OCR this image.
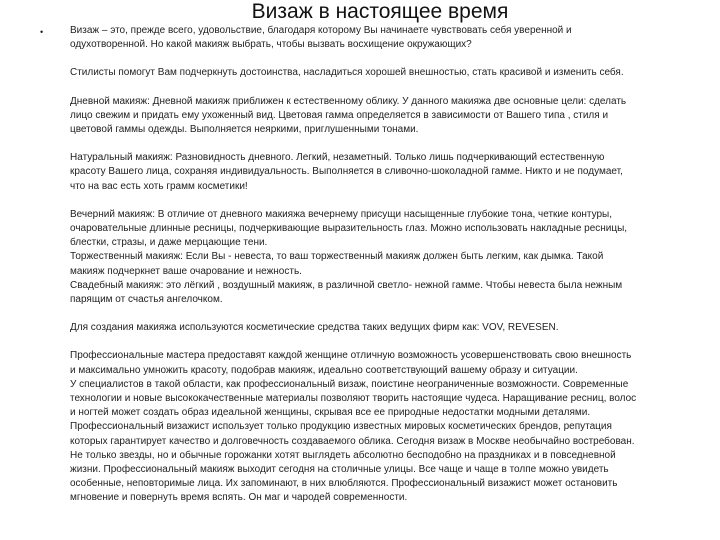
Визаж в настоящее время
•	Визаж – это, прежде всего, удовольствие, благодаря которому Вы начинаете чувствовать себя уверенной и

одухотворенной. Но какой макияж выбрать, чтобы вызвать восхищение окружающих?

Стилисты помогут Вам подчеркнуть достоинства, насладиться хорошей внешностью, стать красивой и изменить себя.

Дневной макияж: Дневной макияж приближен к естественному облику. У данного макияжа две основные цели: сделать

лицо свежим и придать ему ухоженный вид. Цветовая гамма определяется в зависимости от Вашего типа , стиля и

цветовой гаммы одежды. Выполняется неяркими, приглушенными тонами.

Натуральный макияж: Разновидность дневного. Легкий, незаметный. Только лишь подчеркивающий естественную

красоту Вашего лица, сохраняя индивидуальность. Выполняется в сливочно-шоколадной гамме. Никто и не подумает,

что на вас есть хоть грамм косметики!

Вечерний макияж: В отличие от дневного макияжа вечернему присущи насыщенные глубокие тона, четкие контуры,

очаровательные длинные ресницы, подчеркивающие выразительность глаз. Можно использовать накладные ресницы,

блестки, стразы, и даже мерцающие тени.

Торжественный макияж: Если Вы - невеста, то ваш торжественный макияж должен быть легким, как дымка. Такой

макияж подчеркнет ваше очарование и нежность.

Свадебный макияж: это лёгкий , воздушный макияж, в различной светло- нежной гамме. Чтобы невеста была нежным

парящим от счастья ангелочком.

Для создания макияжа используются косметические средства таких ведущих фирм как: VOV, REVESEN.

Профессиональные мастера предоставят каждой женщине отличную возможность усовершенствовать свою внешность

и максимально умножить красоту, подобрав макияж, идеально соответствующий вашему образу и ситуации.

У специалистов в такой области, как профессиональный визаж, поистине неограниченные возможности. Современные

технологии и новые высококачественные материалы позволяют творить настоящие чудеса. Наращивание ресниц, волос

и ногтей может создать образ идеальной женщины, скрывая все ее природные недостатки модными деталями.

Профессиональный визажист использует только продукцию известных мировых косметических брендов, репутация

которых гарантирует качество и долговечность создаваемого облика. Сегодня визаж в Москве необычайно востребован.

Не только звезды, но и обычные горожанки хотят выглядеть абсолютно бесподобно на праздниках и в повседневной

жизни. Профессиональный макияж выходит сегодня на столичные улицы. Все чаще и чаще в толпе можно увидеть

особенные, неповторимые лица. Их запоминают, в них влюбляются. Профессиональный визажист может остановить

мгновение и повернуть время вспять. Он маг и чародей современности.
